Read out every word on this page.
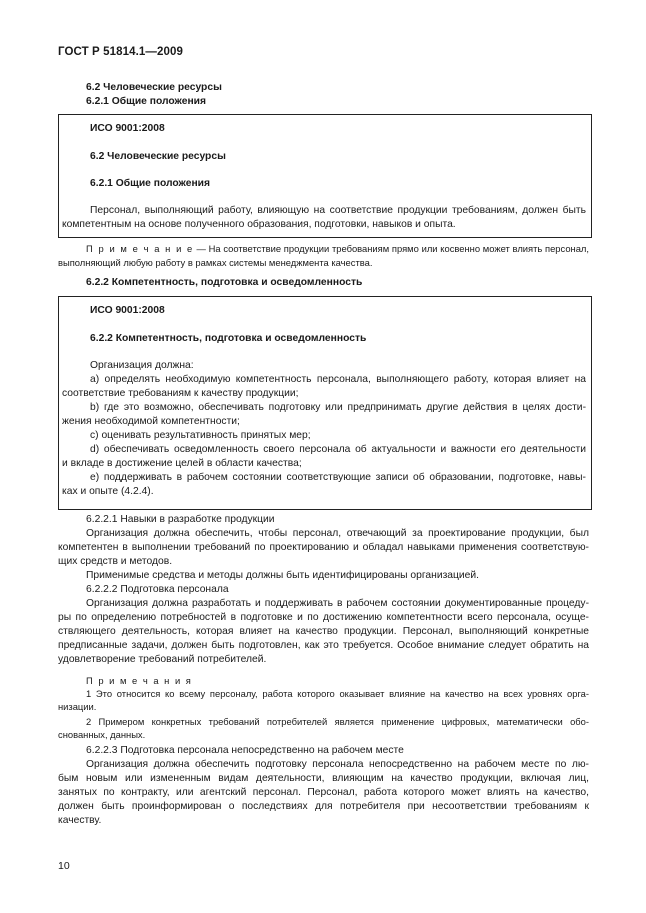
ГОСТ Р 51814.1—2009
6.2 Человеческие ресурсы
6.2.1 Общие положения
ИСО 9001:2008
6.2 Человеческие ресурсы
6.2.1 Общие положения
Персонал, выполняющий работу, влияющую на соответствие продукции требованиям, должен быть
компетентным на основе полученного образования, подготовки, навыков и опыта.
П р и м е ч а н и е — На соответствие продукции требованиям прямо или косвенно может влиять персонал,
выполняющий любую работу в рамках системы менеджмента качества.
6.2.2 Компетентность, подготовка и осведомленность
ИСО 9001:2008
6.2.2 Компетентность, подготовка и осведомленность
Организация должна:
a) определять необходимую компетентность персонала, выполняющего работу, которая влияет на
соответствие требованиям к качеству продукции;
b) где это возможно, обеспечивать подготовку или предпринимать другие действия в целях дости-
жения необходимой компетентности;
c) оценивать результативность принятых мер;
d) обеспечивать осведомленность своего персонала об актуальности и важности его деятельности
и вкладе в достижение целей в области качества;
e) поддерживать в рабочем состоянии соответствующие записи об образовании, подготовке, навы-
ках и опыте (4.2.4).
6.2.2.1 Навыки в разработке продукции
Организация должна обеспечить, чтобы персонал, отвечающий за проектирование продукции, был
компетентен в выполнении требований по проектированию и обладал навыками применения соответствую-
щих средств и методов.
Применимые средства и методы должны быть идентифицированы организацией.
6.2.2.2 Подготовка персонала
Организация должна разработать и поддерживать в рабочем состоянии документированные процеду-
ры по определению потребностей в подготовке и по достижению компетентности всего персонала, осуще-
ствляющего деятельность, которая влияет на качество продукции. Персонал, выполняющий конкретные
предписанные задачи, должен быть подготовлен, как это требуется. Особое внимание следует обратить на
удовлетворение требований потребителей.
П р и м е ч а н и я
1 Это относится ко всему персоналу, работа которого оказывает влияние на качество на всех уровнях орга-
низации.
2 Примером конкретных требований потребителей является применение цифровых, математически обо-
снованных, данных.
6.2.2.3 Подготовка персонала непосредственно на рабочем месте
Организация должна обеспечить подготовку персонала непосредственно на рабочем месте по лю-
бым новым или измененным видам деятельности, влияющим на качество продукции, включая лиц,
занятых по контракту, или агентский персонал. Персонал, работа которого может влиять на качество,
должен быть проинформирован о последствиях для потребителя при несоответствии требованиям к
качеству.
10
